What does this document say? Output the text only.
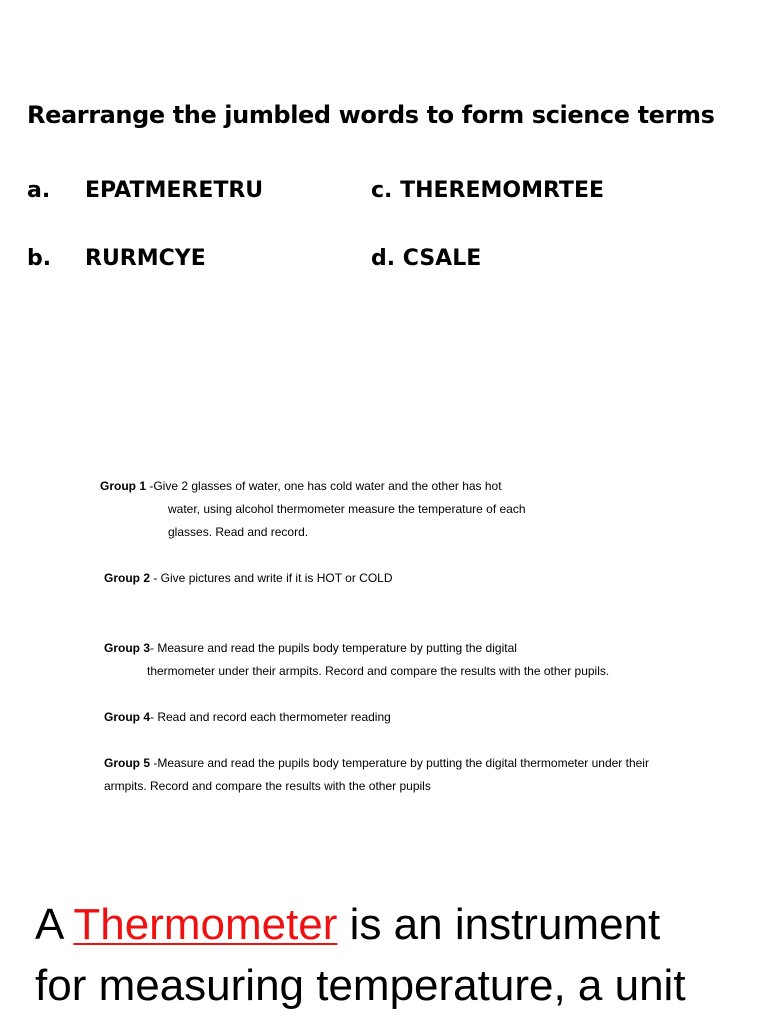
Rearrange the jumbled words to form science terms
a. EPATMERETRU
b. RURMCYE
c. THEREMOMRTEE
d. CSALE
Group 1 -Give 2 glasses of water, one has cold water and the other has hot
water, using alcohol thermometer measure the temperature of each
glasses. Read and record.
Group 2 - Give pictures and write if it is HOT or COLD
Group 3- Measure and read the pupils body temperature by putting the digital
thermometer under their armpits. Record and compare the results with the other pupils.
Group 4- Read and record each thermometer reading
Group 5 -Measure and read the pupils body temperature by putting the digital thermometer under their
armpits. Record and compare the results with the other pupils
A Thermometer is an instrument
for measuring temperature, a unit
